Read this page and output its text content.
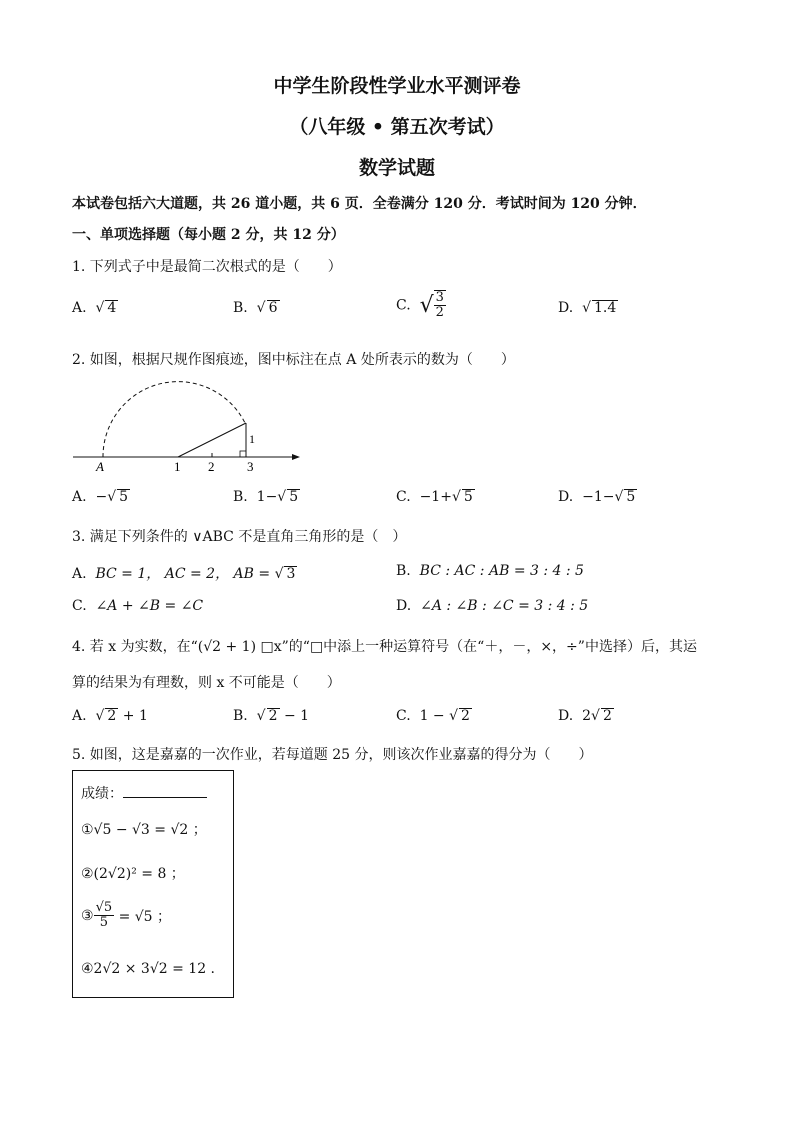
中学生阶段性学业水平测评卷
（八年级 • 第五次考试）
数学试题
本试卷包括六大道题，共 26 道小题，共 6 页．全卷满分 120 分．考试时间为 120 分钟．
一、单项选择题（每小题 2 分，共 12 分）
1. 下列式子中是最简二次根式的是（　　）
A.  √ 4	B.  √ 6	C. √ $\frac{3}{2}$	D.  √ 1.4
2. 如图，根据尺规作图痕迹，图中标注在点 A 处所表示的数为（　　）
A	1 2	3
1
A. −√ 5	B. 1−√ 5	C. −1+√ 5	D. −1−√ 5
3. 满足下列条件的 ∨ABC 不是直角三角形的是（　）
A. BC = 1， AC = 2， AB = √ 3	B. BC : AC : AB = 3 : 4 : 5
C. ∠A + ∠B = ∠C	D. ∠A : ∠B : ∠C = 3 : 4 : 5
4. 若 x 为实数，在“(√2 + 1) □x”的“□中添上一种运算符号（在“＋，－，×，÷”中选择）后，其运
算的结果为有理数，则 x 不可能是（　　）
A.  √ 2 + 1	B.  √ 2 − 1	C. 1 − √ 2	D. 2√ 2
5. 如图，这是嘉嘉的一次作业，若每道题 25 分，则该次作业嘉嘉的得分为（　　）
成绩：
①√5 − √3 = √2 ；
②(2√2)² = 8 ；
③ $\frac{√5}{5} = √5$ ；
④2√2 × 3√2 = 12 .
